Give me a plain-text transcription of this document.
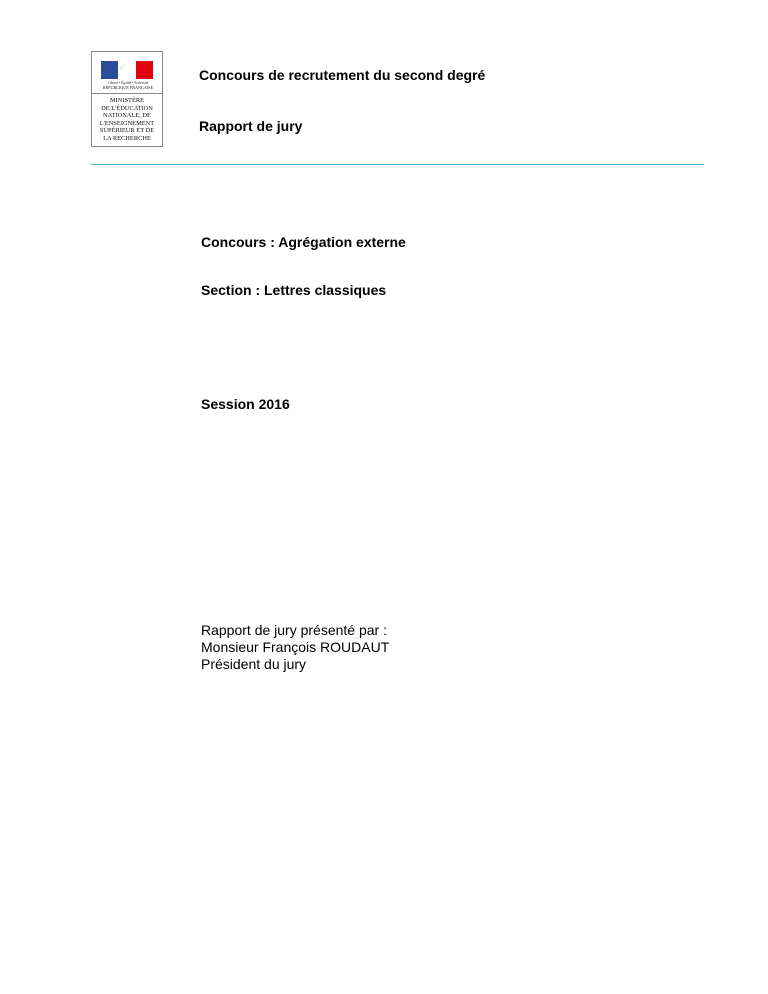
Liberté • Égalité • Fraternité
RÉPUBLIQUE FRANÇAISE
MINISTÈRE
DE L'ÉDUCATION
NATIONALE, DE
L'ENSEIGNEMENT
SUPÉRIEUR ET DE
LA RECHERCHE
Concours de recrutement du second degré
Rapport de jury
Concours : Agrégation externe
Section : Lettres classiques
Session 2016
Rapport de jury présenté par :
Monsieur François ROUDAUT
Président du jury
